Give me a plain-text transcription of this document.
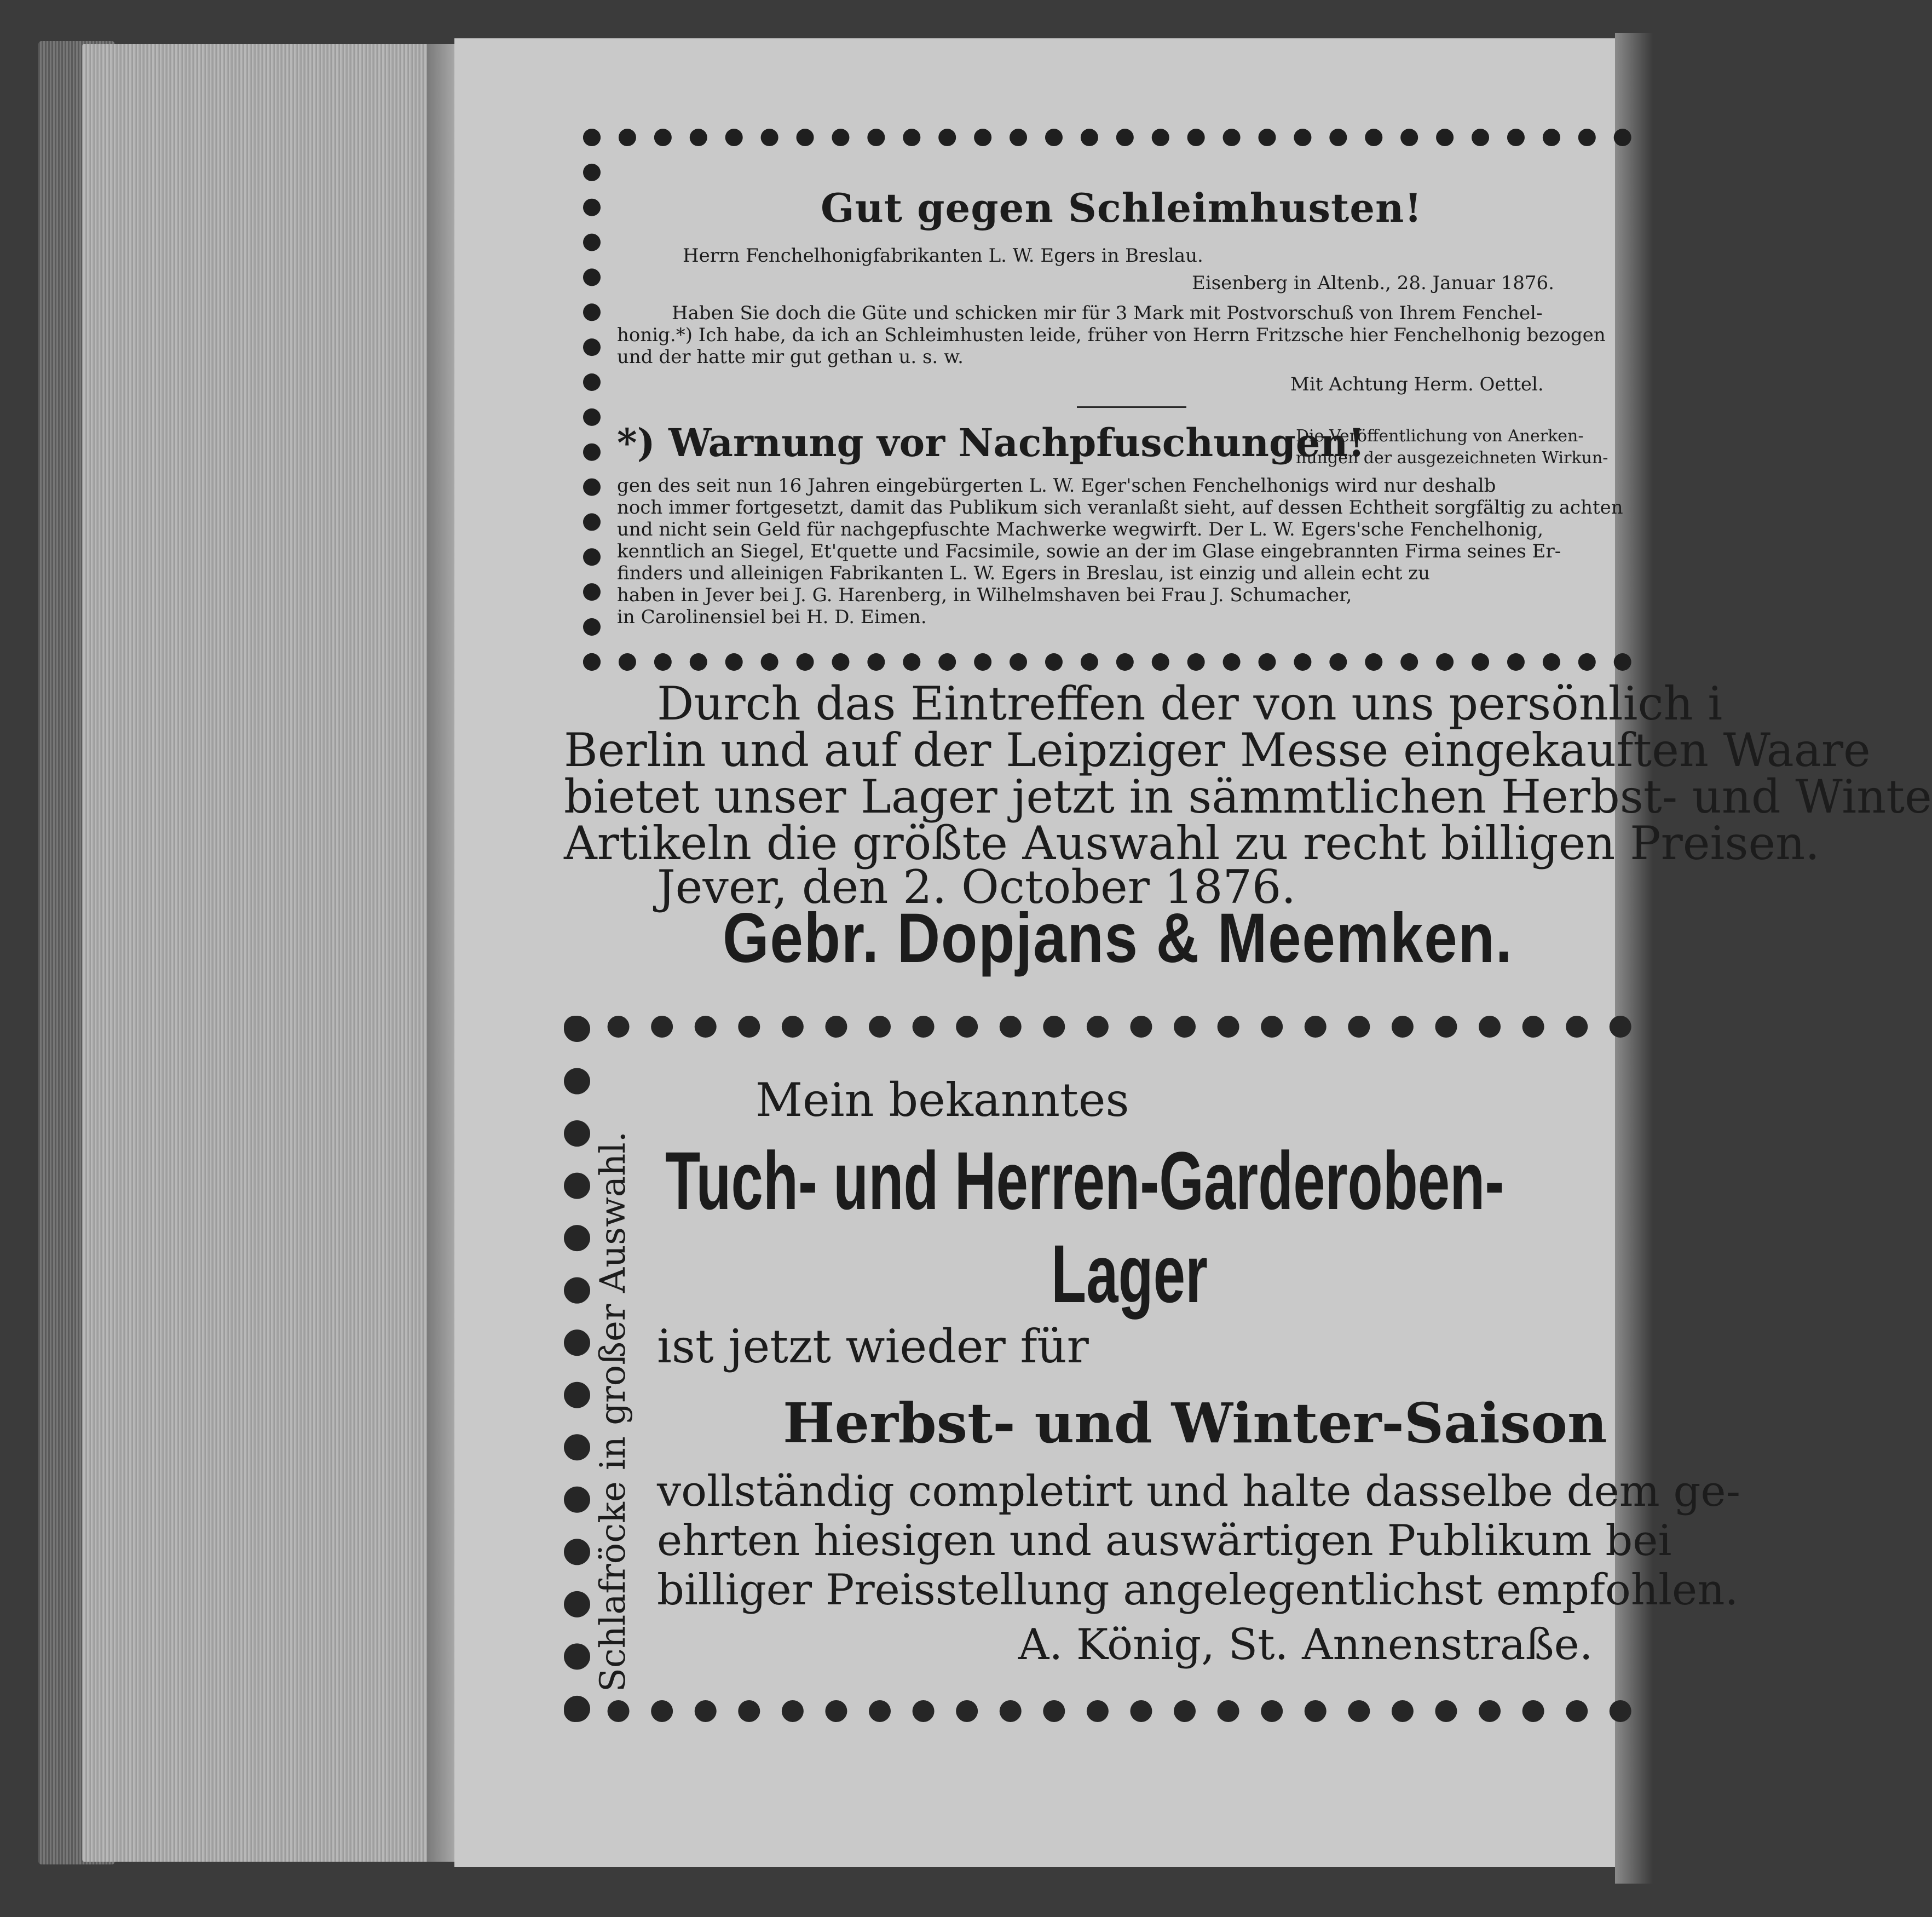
Gut gegen Schleimhusten!
Herrn Fenchelhonigfabrikanten L. W. Egers in Breslau.
Eisenberg in Altenb., 28. Januar 1876.
Haben Sie doch die Güte und schicken mir für 3 Mark mit Postvorschuß von Ihrem Fenchel-
honig.*) Ich habe, da ich an Schleimhusten leide, früher von Herrn Fritzsche hier Fenchelhonig bezogen
und der hatte mir gut gethan u. s. w.
Mit Achtung Herm. Oettel.
*) Warnung vor Nachpfuschungen!
Die Veröffentlichung von Anerken-
nungen der ausgezeichneten Wirkun-
gen des seit nun 16 Jahren eingebürgerten L. W. Eger'schen Fenchelhonigs wird nur deshalb
noch immer fortgesetzt, damit das Publikum sich veranlaßt sieht, auf dessen Echtheit sorgfältig zu achten
und nicht sein Geld für nachgepfuschte Machwerke wegwirft. Der L. W. Egers'sche Fenchelhonig,
kenntlich an Siegel, Et'quette und Facsimile, sowie an der im Glase eingebrannten Firma seines Er-
finders und alleinigen Fabrikanten L. W. Egers in Breslau, ist einzig und allein echt zu
haben in Jever bei J. G. Harenberg, in Wilhelmshaven bei Frau J. Schumacher,
in Carolinensiel bei H. D. Eimen.
Durch das Eintreffen der von uns persönlich i
Berlin und auf der Leipziger Messe eingekauften Waare
bietet unser Lager jetzt in sämmtlichen Herbst- und Winte
Artikeln die größte Auswahl zu recht billigen Preisen.
Jever, den 2. October 1876.
Gebr. Dopjans & Meemken.
Schlafröcke in großer Auswahl.
Mein bekanntes
Tuch- und Herren-Garderoben-
Lager
ist jetzt wieder für
Herbst- und Winter-Saison
vollständig completirt und halte dasselbe dem ge-
ehrten hiesigen und auswärtigen Publikum bei
billiger Preisstellung angelegentlichst empfohlen.
A. König, St. Annenstraße.
